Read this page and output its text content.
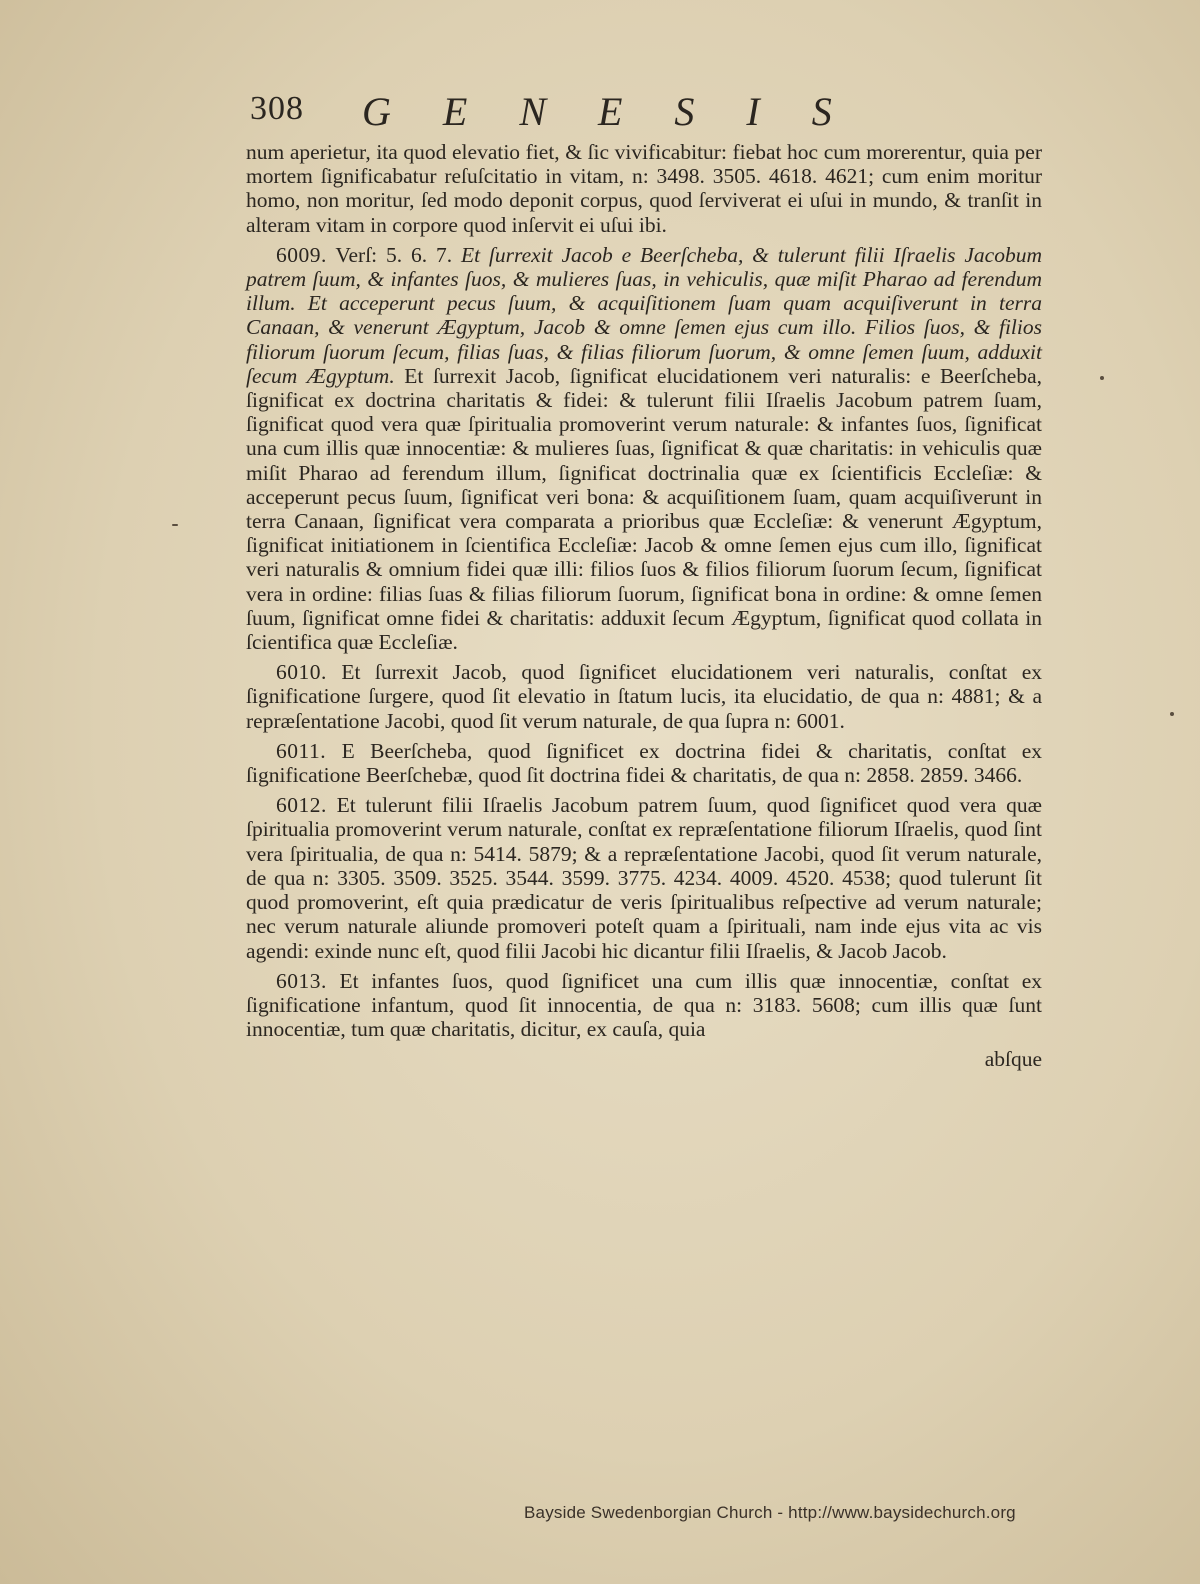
308 GENESIS

num aperietur, ita quod elevatio fiet, & ſic vivificabitur: fiebat hoc cum morerentur, quia per mortem ſignificabatur reſuſcitatio in vitam, n: 3498. 3505. 4618. 4621; cum enim moritur homo, non moritur, ſed modo deponit corpus, quod ſerviverat ei uſui in mundo, & tranſit in alteram vitam in corpore quod inſervit ei uſui ibi.

6009. Verſ: 5. 6. 7. Et ſurrexit Jacob e Beerſcheba, & tulerunt filii Iſraelis Jacobum patrem ſuum, & infantes ſuos, & mulieres ſuas, in vehiculis, quæ miſit Pharao ad ferendum illum. Et acceperunt pecus ſuum, & acquiſitionem ſuam quam acquiſiverunt in terra Canaan, & venerunt Ægyptum, Jacob & omne ſemen ejus cum illo. Filios ſuos, & filios filiorum ſuorum ſecum, filias ſuas, & filias filiorum ſuorum, & omne ſemen ſuum, adduxit ſecum Ægyptum. Et ſurrexit Jacob, ſignificat elucidationem veri naturalis: e Beerſcheba, ſignificat ex doctrina charitatis & fidei: & tulerunt filii Iſraelis Jacobum patrem ſuam, ſignificat quod vera quæ ſpiritualia promoverint verum naturale: & infantes ſuos, ſignificat una cum illis quæ innocentiæ: & mulieres ſuas, ſignificat & quæ charitatis: in vehiculis quæ miſit Pharao ad ferendum illum, ſignificat doctrinalia quæ ex ſcientificis Eccleſiæ: & acceperunt pecus ſuum, ſignificat veri bona: & acquiſitionem ſuam, quam acquiſiverunt in terra Canaan, ſignificat vera comparata a prioribus quæ Eccleſiæ: & venerunt Ægyptum, ſignificat initiationem in ſcientifica Eccleſiæ: Jacob & omne ſemen ejus cum illo, ſignificat veri naturalis & omnium fidei quæ illi: filios ſuos & filios filiorum ſuorum ſecum, ſignificat vera in ordine: filias ſuas & filias filiorum ſuorum, ſignificat bona in ordine: & omne ſemen ſuum, ſignificat omne fidei & charitatis: adduxit ſecum Ægyptum, ſignificat quod collata in ſcientifica quæ Eccleſiæ.

6010. Et ſurrexit Jacob, quod ſignificet elucidationem veri naturalis, conſtat ex ſignificatione ſurgere, quod ſit elevatio in ſtatum lucis, ita elucidatio, de qua n: 4881; & a repræſentatione Jacobi, quod ſit verum naturale, de qua ſupra n: 6001.

6011. E Beerſcheba, quod ſignificet ex doctrina fidei & charitatis, conſtat ex ſignificatione Beerſchebæ, quod ſit doctrina fidei & charitatis, de qua n: 2858. 2859. 3466.

6012. Et tulerunt filii Iſraelis Jacobum patrem ſuum, quod ſignificet quod vera quæ ſpiritualia promoverint verum naturale, conſtat ex repræſentatione filiorum Iſraelis, quod ſint vera ſpiritualia, de qua n: 5414. 5879; & a repræſentatione Jacobi, quod ſit verum naturale, de qua n: 3305. 3509. 3525. 3544. 3599. 3775. 4234. 4009. 4520. 4538; quod tulerunt ſit quod promoverint, eſt quia prædicatur de veris ſpiritualibus reſpective ad verum naturale; nec verum naturale aliunde promoveri poteſt quam a ſpirituali, nam inde ejus vita ac vis agendi: exinde nunc eſt, quod filii Jacobi hic dicantur filii Iſraelis, & Jacob Jacob.

6013. Et infantes ſuos, quod ſignificet una cum illis quæ innocentiæ, conſtat ex ſignificatione infantum, quod ſit innocentia, de qua n: 3183. 5608; cum illis quæ ſunt innocentiæ, tum quæ charitatis, dicitur, ex cauſa, quia

abſque

Bayside Swedenborgian Church - http://www.baysidechurch.org
